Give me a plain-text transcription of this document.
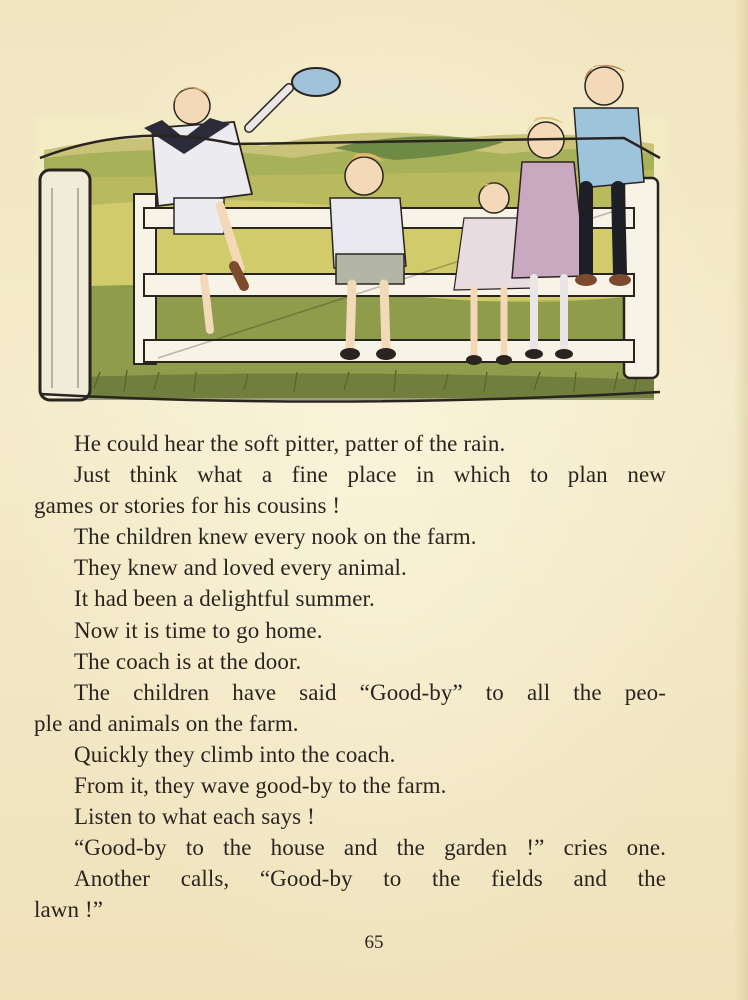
He could hear the soft pitter, patter of the rain.
Just think what a fine place in which to plan new
games or stories for his cousins !
The children knew every nook on the farm.
They knew and loved every animal.
It had been a delightful summer.
Now it is time to go home.
The coach is at the door.
The children have said “Good-by” to all the peo-
ple and animals on the farm.
Quickly they climb into the coach.
From it, they wave good-by to the farm.
Listen to what each says !
“Good-by to the house and the garden !” cries one.
Another calls, “Good-by to the fields and the
lawn !”
65
